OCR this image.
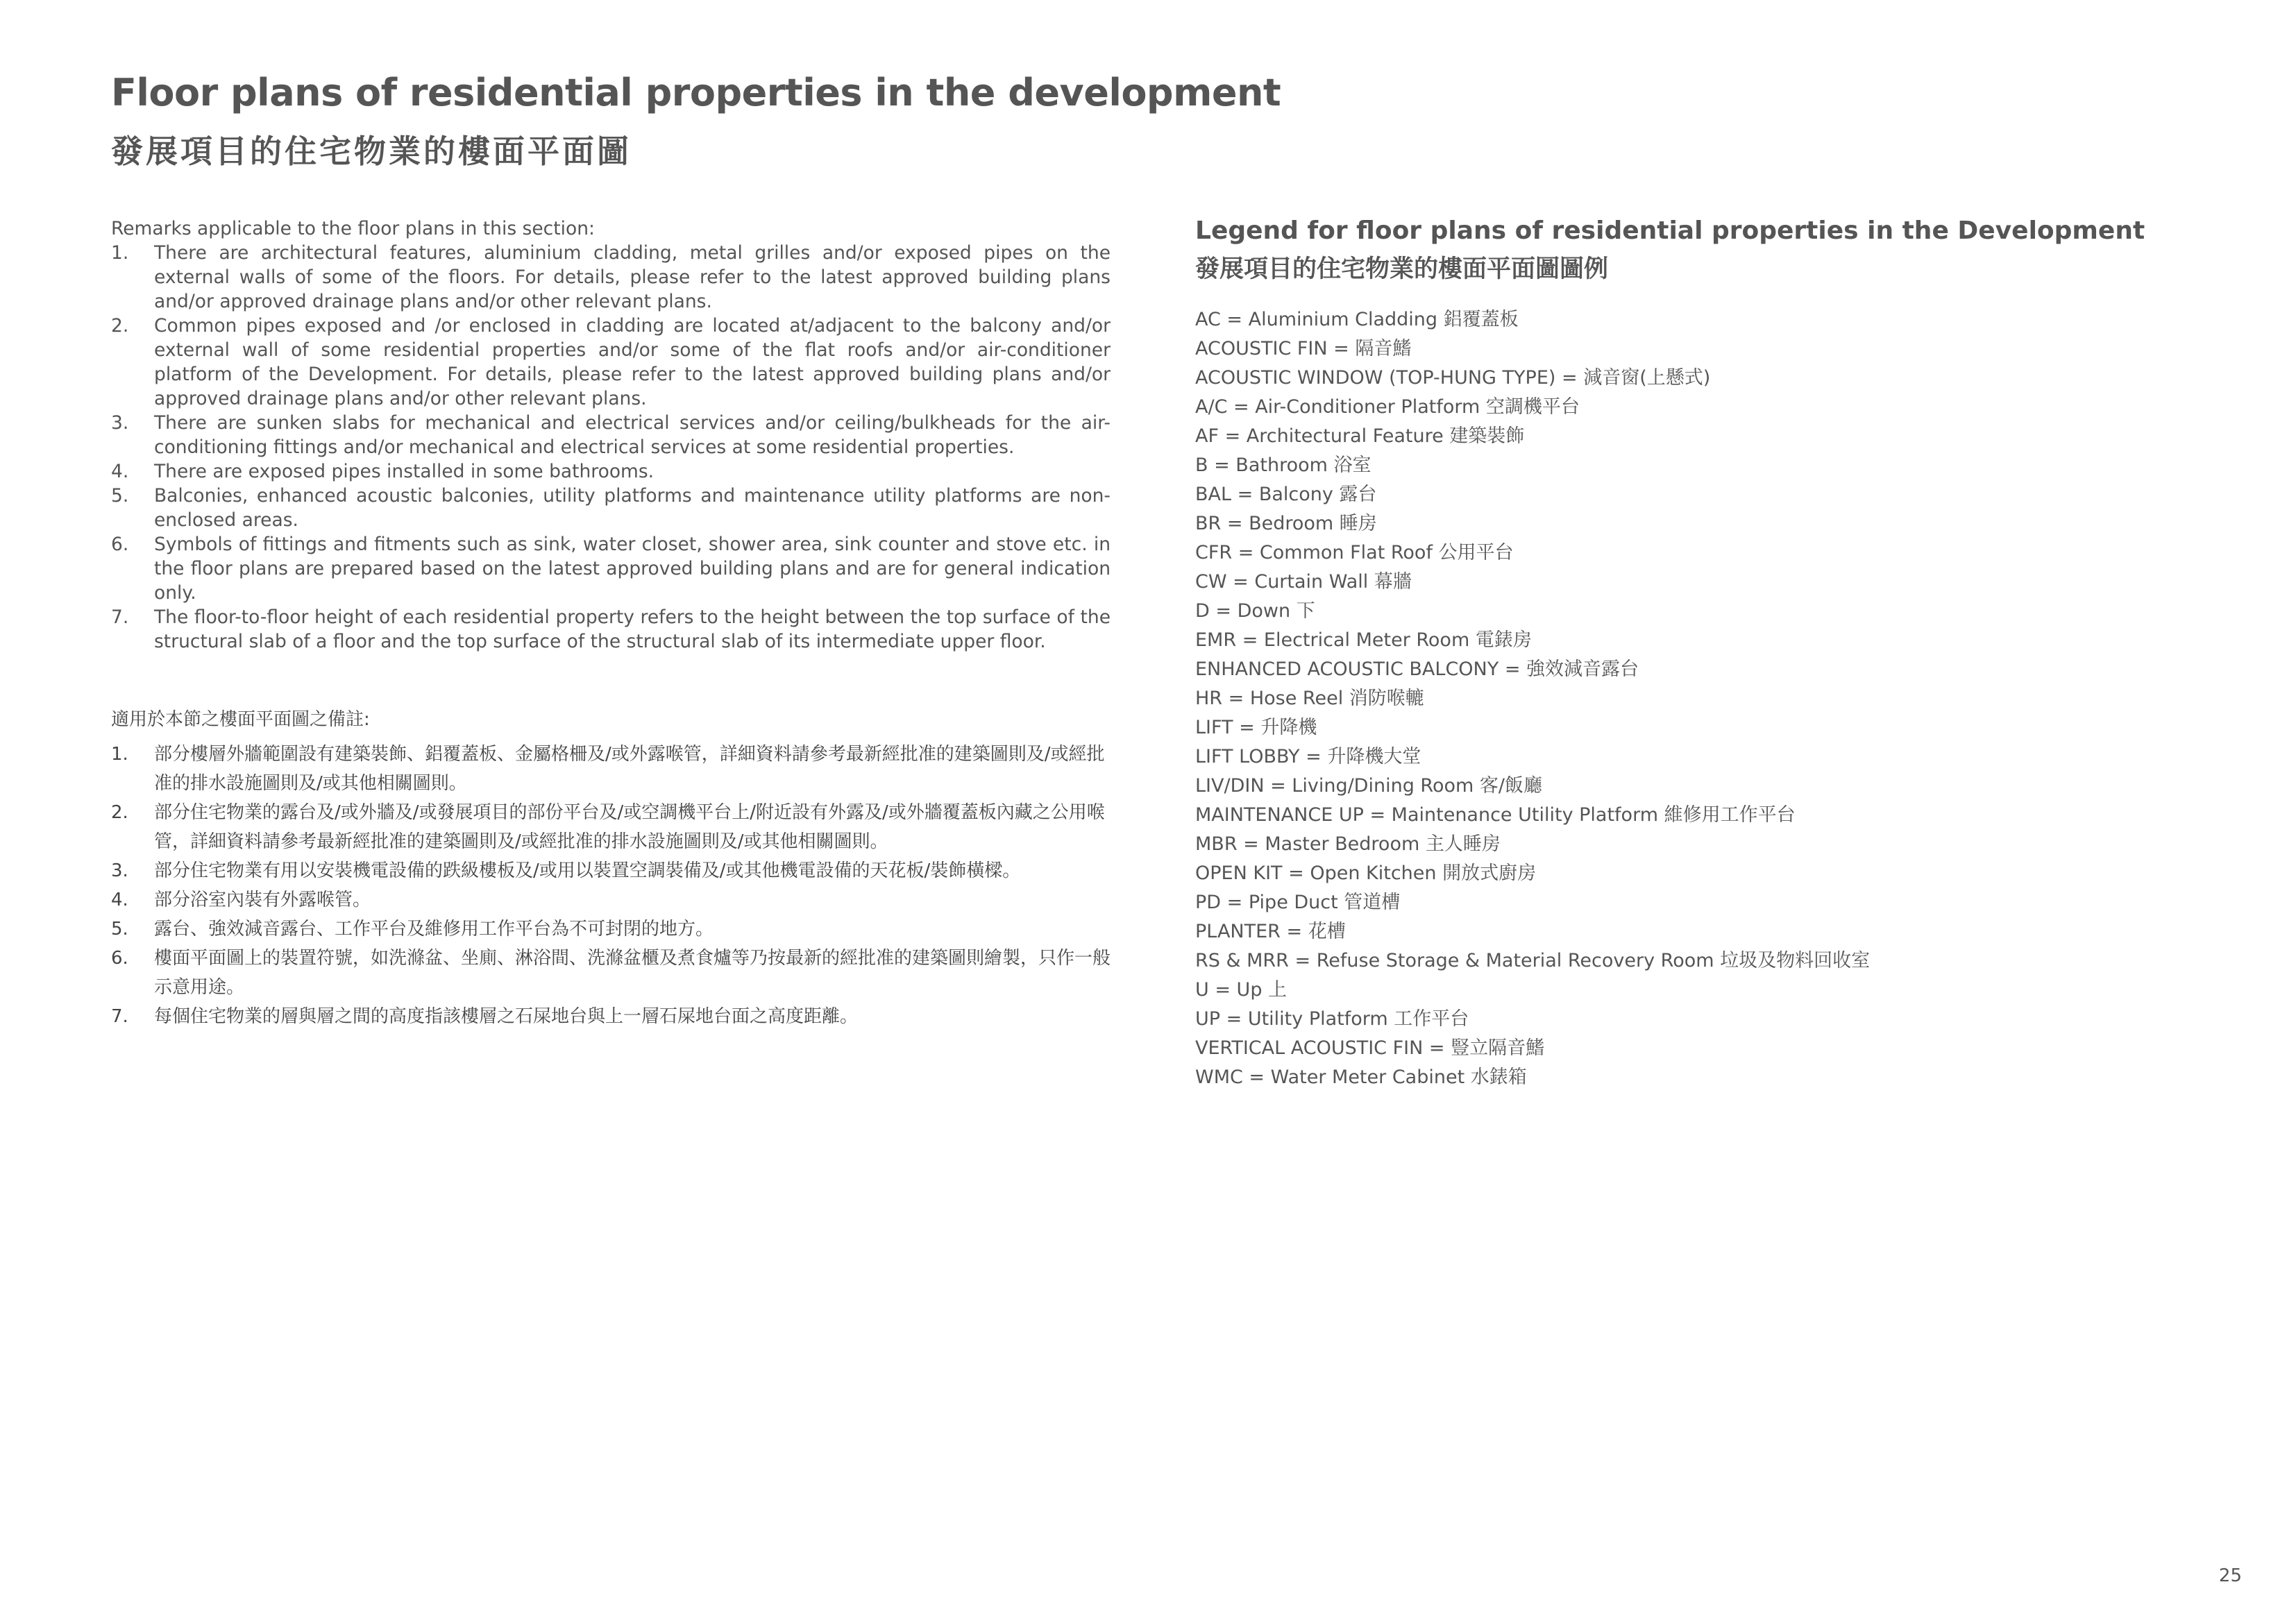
Floor plans of residential properties in the development
發展項目的住宅物業的樓面平面圖

Remarks applicable to the floor plans in this section:

1. There are architectural features, aluminium cladding, metal grilles and/or exposed pipes on the external walls of some of the floors. For details, please refer to the latest approved building plans and/or approved drainage plans and/or other relevant plans.
2. Common pipes exposed and /or enclosed in cladding are located at/adjacent to the balcony and/or external wall of some residential properties and/or some of the flat roofs and/or air-conditioner platform of the Development. For details, please refer to the latest approved building plans and/or approved drainage plans and/or other relevant plans.
3. There are sunken slabs for mechanical and electrical services and/or ceiling/bulkheads for the air-conditioning fittings and/or mechanical and electrical services at some residential properties.
4. There are exposed pipes installed in some bathrooms.
5. Balconies, enhanced acoustic balconies, utility platforms and maintenance utility platforms are non-enclosed areas.
6. Symbols of fittings and fitments such as sink, water closet, shower area, sink counter and stove etc. in the floor plans are prepared based on the latest approved building plans and are for general indication only.
7. The floor-to-floor height of each residential property refers to the height between the top surface of the structural slab of a floor and the top surface of the structural slab of its intermediate upper floor.

適用於本節之樓面平面圖之備註:

1. 部分樓層外牆範圍設有建築裝飾、鋁覆蓋板、金屬格柵及/或外露喉管，詳細資料請參考最新經批准的建築圖則及/或經批准的排水設施圖則及/或其他相關圖則。
2. 部分住宅物業的露台及/或外牆及/或發展項目的部份平台及/或空調機平台上/附近設有外露及/或外牆覆蓋板內藏之公用喉管，詳細資料請參考最新經批准的建築圖則及/或經批准的排水設施圖則及/或其他相關圖則。
3. 部分住宅物業有用以安裝機電設備的跌級樓板及/或用以裝置空調裝備及/或其他機電設備的天花板/裝飾橫樑。
4. 部分浴室內裝有外露喉管。
5. 露台、強效減音露台、工作平台及維修用工作平台為不可封閉的地方。
6. 樓面平面圖上的裝置符號，如洗滌盆、坐廁、淋浴間、洗滌盆櫃及煮食爐等乃按最新的經批准的建築圖則繪製，只作一般示意用途。
7. 每個住宅物業的層與層之間的高度指該樓層之石屎地台與上一層石屎地台面之高度距離。
Legend for floor plans of residential properties in the Development
發展項目的住宅物業的樓面平面圖圖例
AC = Aluminium Cladding 鋁覆蓋板
ACOUSTIC FIN = 隔音鰭
ACOUSTIC WINDOW (TOP-HUNG TYPE) = 減音窗(上懸式)
A/C = Air-Conditioner Platform 空調機平台
AF = Architectural Feature 建築裝飾
B = Bathroom 浴室
BAL = Balcony 露台
BR = Bedroom 睡房
CFR = Common Flat Roof 公用平台
CW = Curtain Wall 幕牆
D = Down 下
EMR = Electrical Meter Room 電錶房
ENHANCED ACOUSTIC BALCONY = 強效減音露台
HR = Hose Reel 消防喉轆
LIFT = 升降機
LIFT LOBBY = 升降機大堂
LIV/DIN = Living/Dining Room 客/飯廳
MAINTENANCE UP = Maintenance Utility Platform 維修用工作平台
MBR = Master Bedroom 主人睡房
OPEN KIT = Open Kitchen 開放式廚房
PD = Pipe Duct 管道槽
PLANTER = 花槽
RS & MRR = Refuse Storage & Material Recovery Room 垃圾及物料回收室
U = Up 上
UP = Utility Platform 工作平台
VERTICAL ACOUSTIC FIN = 豎立隔音鰭
WMC = Water Meter Cabinet 水錶箱
25
